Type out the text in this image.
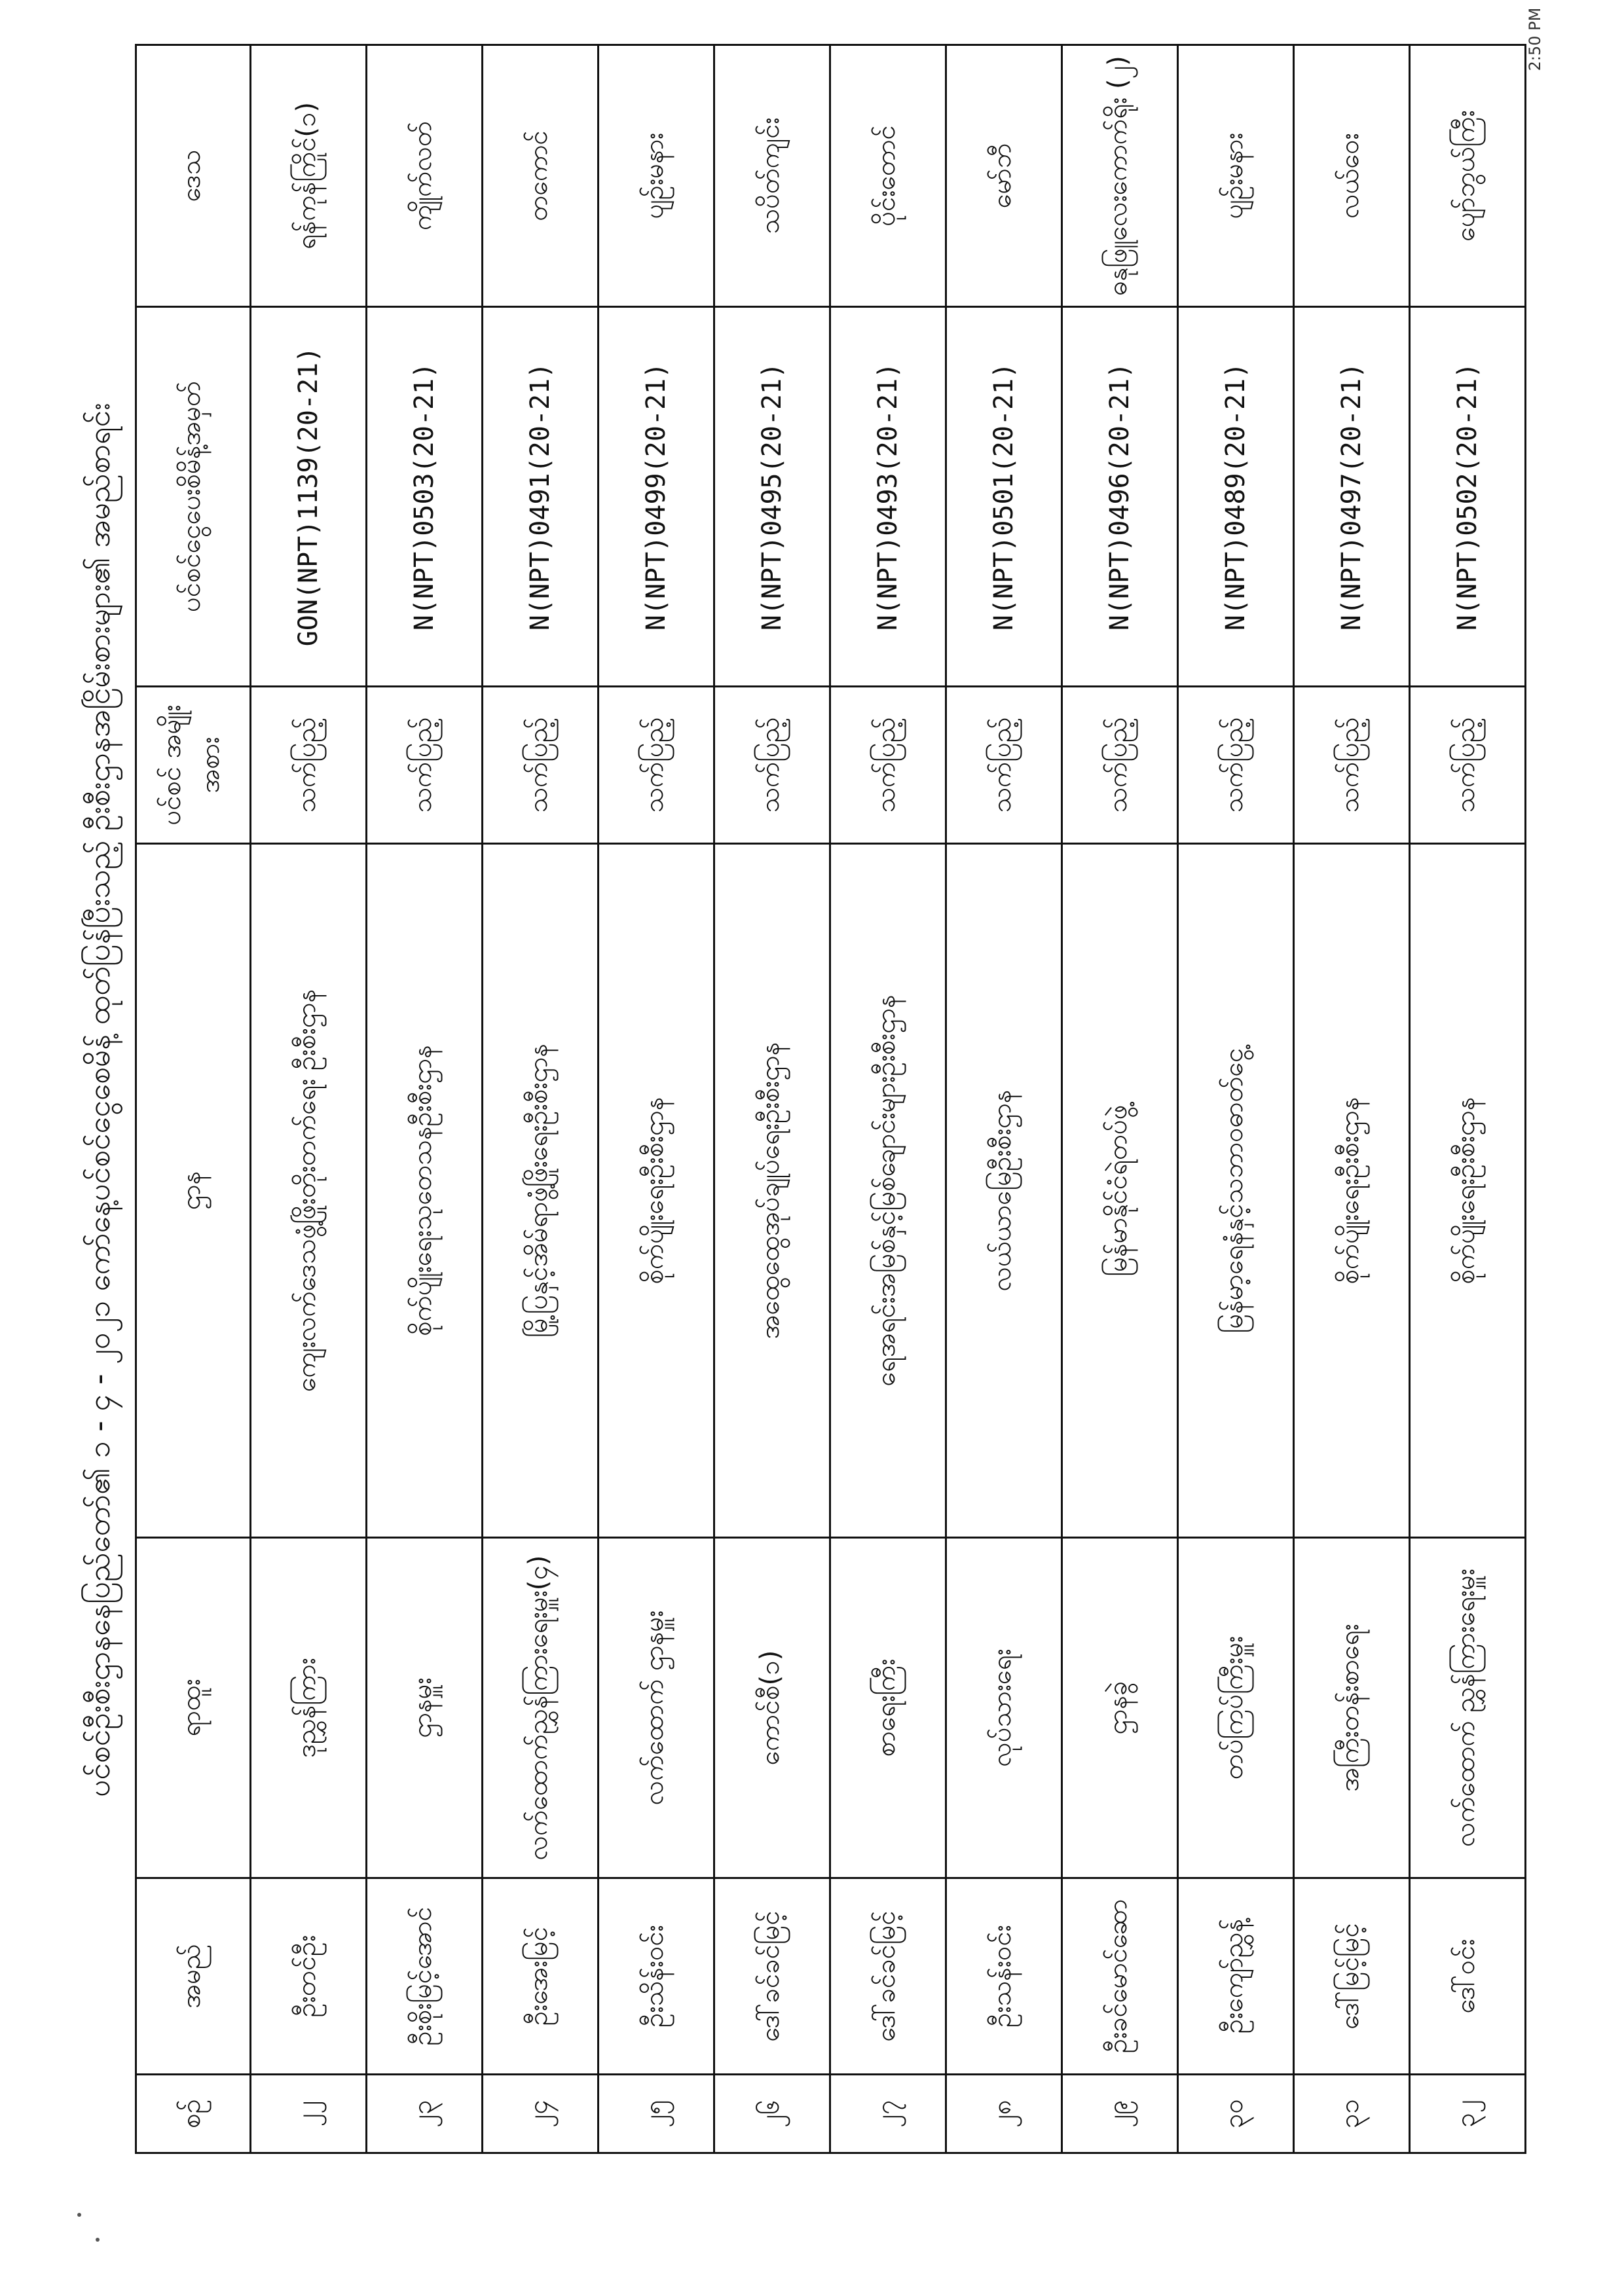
2:50 PM
ပင်စင်ဦးစီးဌာနနေပြည်တော်၏ ၁ - ၄ - ၂၀၂၁ ကော်နေ့ပင်စင်ငွေစေမိန့် ထုတ်ပြန်ပြီးသည့် ဦးစီးဌာနအငြိမ်းစားများ၏ အမည်စာရင်း
စဉ်	အမည်	ရာထူး	ဌာန	ပင်စင် အမျိုးအစား	ပင်စင်ငွေပေးစိမိန့်အမှတ်	ဒေသ
၂၂	ဦးတင်ဦး	ဒုညွှန်ကြား	ကျေးလက်ဒေသဖွံ့ဖြိုးတိုးတက်ရေး ဦးစီးဌာန	သက်ပြည့်	GON(NPT)1139(20-21)	ရန်ကုန်ကြိုင်(၁)
၂၃	ဦးစိုးမြင့်အောင်	ဌာနမှူး	စိုက်ပျိုးရေးသုတေသနဦးစီးဌာန	သက်ပြည့်	N(NPT)0503(20-21)	ကျိုက်လတ်
၂၄	ဦးအေးမြင့်	လက်ထောက်ညွှန်ကြားရေးမှူး(၄)	မြို့ပြနှင့်အိမ်ရာဖွံ့ဖြိုးရေးဦးစီးဌာန	သက်ပြည့်	N(NPT)0491(20-21)	တကောင်
၂၅	ဦးသိန်းဝင်း	လက်ထောက် ဌာနမှူး	စိုက်ပျိုးရေးဦးစီးဌာန	သက်ပြည့်	N(NPT)0499(20-21)	ပျဉ်းမနား
၂၆	ဒေါ်ခင်ခင်မြင့်	ကောင်စီ(၁)	အထွေထွေအုပ်ချုပ်ရေးဦးစီးဌာန	သက်ပြည့်	N(NPT)0495(20-21)	သပိတ်ကျင်း
၂၇	ဒေါ်ခင်ခင်မြင့်	စာရေးကြီး	ရေအရင်းအမြစ်နှင့်မြစ်ချောင်းများဦးစီးဌာန	သက်ပြည့်	N(NPT)0493(20-21)	ပိုင်းတောင်
၂၈	ဦးသန်းဝင်း	လုပ်သားရေး	လယ်ယာမြေဦးစီးဌာန	သက်ပြည့်	N(NPT)0501(20-21)	မော်ဘီ
၂၉	ဦးခင်မောင်ဆော	ဌာနခွဲ	မြန်မာနိုင်ငံရဲတပ်ဖွဲ့	သက်ပြည့်	N(NPT)0496(20-21)	ဓနုဖြူလေးကောက်ရိုး (၂)
၃၀	ဦးကျော်ညွှန့်	တပ်ကြပ်ကြီးမှူး	မြန်မာ့ရေနံနှင့်သဘာဝဓာတ်ငွေ့	သက်ပြည့်	N(NPT)0489(20-21)	ပျဉ်းမနား
၃၁	ဒေါ်မြင့်မြင့်	အကြီးတန်းစာရေး	စိုက်ပျိုးရေးဦးစီးဌာန	သက်ပြည့်	N(NPT)0497(20-21)	လယ်ဝေး
၃၂	ဒေါ်ဝင်း	လက်ထောက် ညွှန်ကြားရေးမှူး	စိုက်ပျိုးရေးဦးစီးဌာန	သက်ပြည့်	N(NPT)0502(20-21)	ပျော်ဘွယ်ကြီး
